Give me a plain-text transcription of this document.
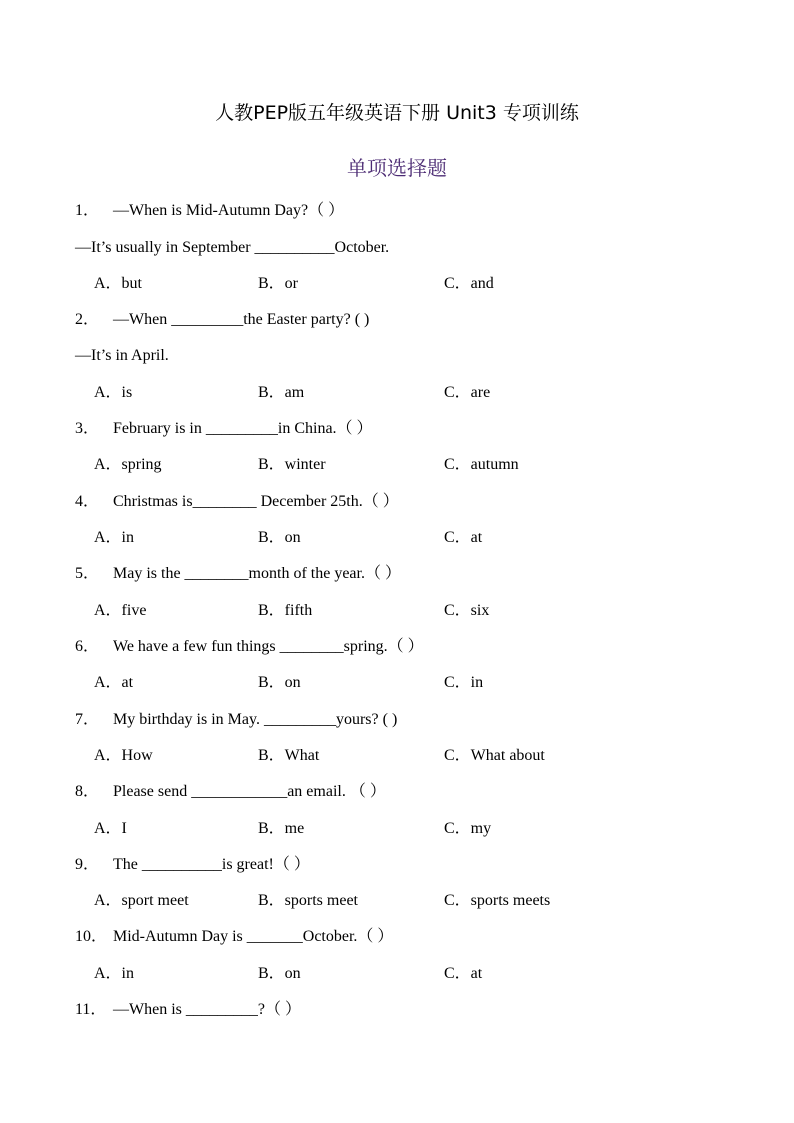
人教PEP版五年级英语下册 Unit3 专项训练
单项选择题
1． —When is Mid-Autumn Day?（ ）
—It’s usually in September __________October.
A．but	B．or	C．and
2． —When _________the Easter party? ( )
—It’s in April.
A．is	B．am	C．are
3． February is in _________in China.（ ）
A．spring	B．winter	C．autumn
4． Christmas is________ December 25th.（ ）
A．in	B．on	C．at
5． May is the ________month of the year.（ ）
A．five	B．fifth	C．six
6． We have a few fun things ________spring.（ ）
A．at	B．on	C．in
7． My birthday is in May. _________yours? ( )
A．How	B．What	C．What about
8． Please send ____________an email. （ ）
A．I	B．me	C．my
9． The __________is great!（ ）
A．sport meet	B．sports meet	C．sports meets
10． Mid-Autumn Day is _______October.（ ）
A．in	B．on	C．at
11． —When is _________?（ ）
